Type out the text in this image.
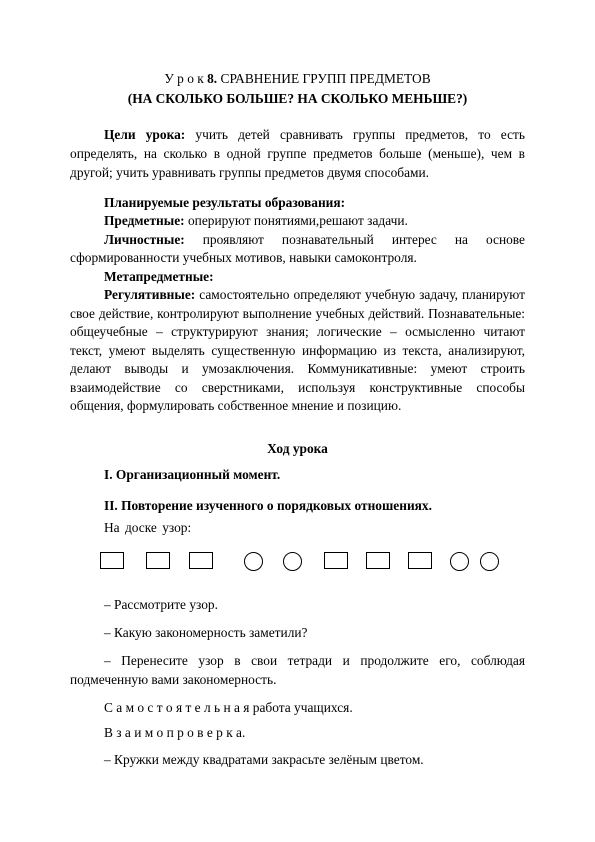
У р о к 8. СРАВНЕНИЕ ГРУПП ПРЕДМЕТОВ
(НА СКОЛЬКО БОЛЬШЕ? НА СКОЛЬКО МЕНЬШЕ?)
Цели урока: учить детей сравнивать группы предметов, то есть
определять, на сколько в одной группе предметов больше (меньше), чем в
другой; учить уравнивать группы предметов двумя способами.
Планируемые результаты образования:
Предметные: оперируют понятиями,решают задачи.
Личностные: проявляют познавательный интерес на основе
сформированности учебных мотивов, навыки самоконтроля.
Метапредметные:
Регулятивные: самостоятельно определяют учебную задачу, планируют
свое действие, контролируют выполнение учебных действий. Познавательные:
общеучебные – структурируют знания; логические – осмысленно читают
текст, умеют выделять существенную информацию из текста, анализируют,
делают выводы и умозаключения. Коммуникативные: умеют строить
взаимодействие со сверстниками, используя конструктивные способы
общения, формулировать собственное мнение и позицию.
Ход урока
I. Организационный момент.
II. Повторение изученного о порядковых отношениях.
На доске узор:
– Рассмотрите узор.
– Какую закономерность заметили?
– Перенесите узор в свои тетради и продолжите его, соблюдая
подмеченную вами закономерность.
С а м о с т о я т е л ь н а я работа учащихся.
В з а и м о п р о в е р к а.
– Кружки между квадратами закрасьте зелёным цветом.
